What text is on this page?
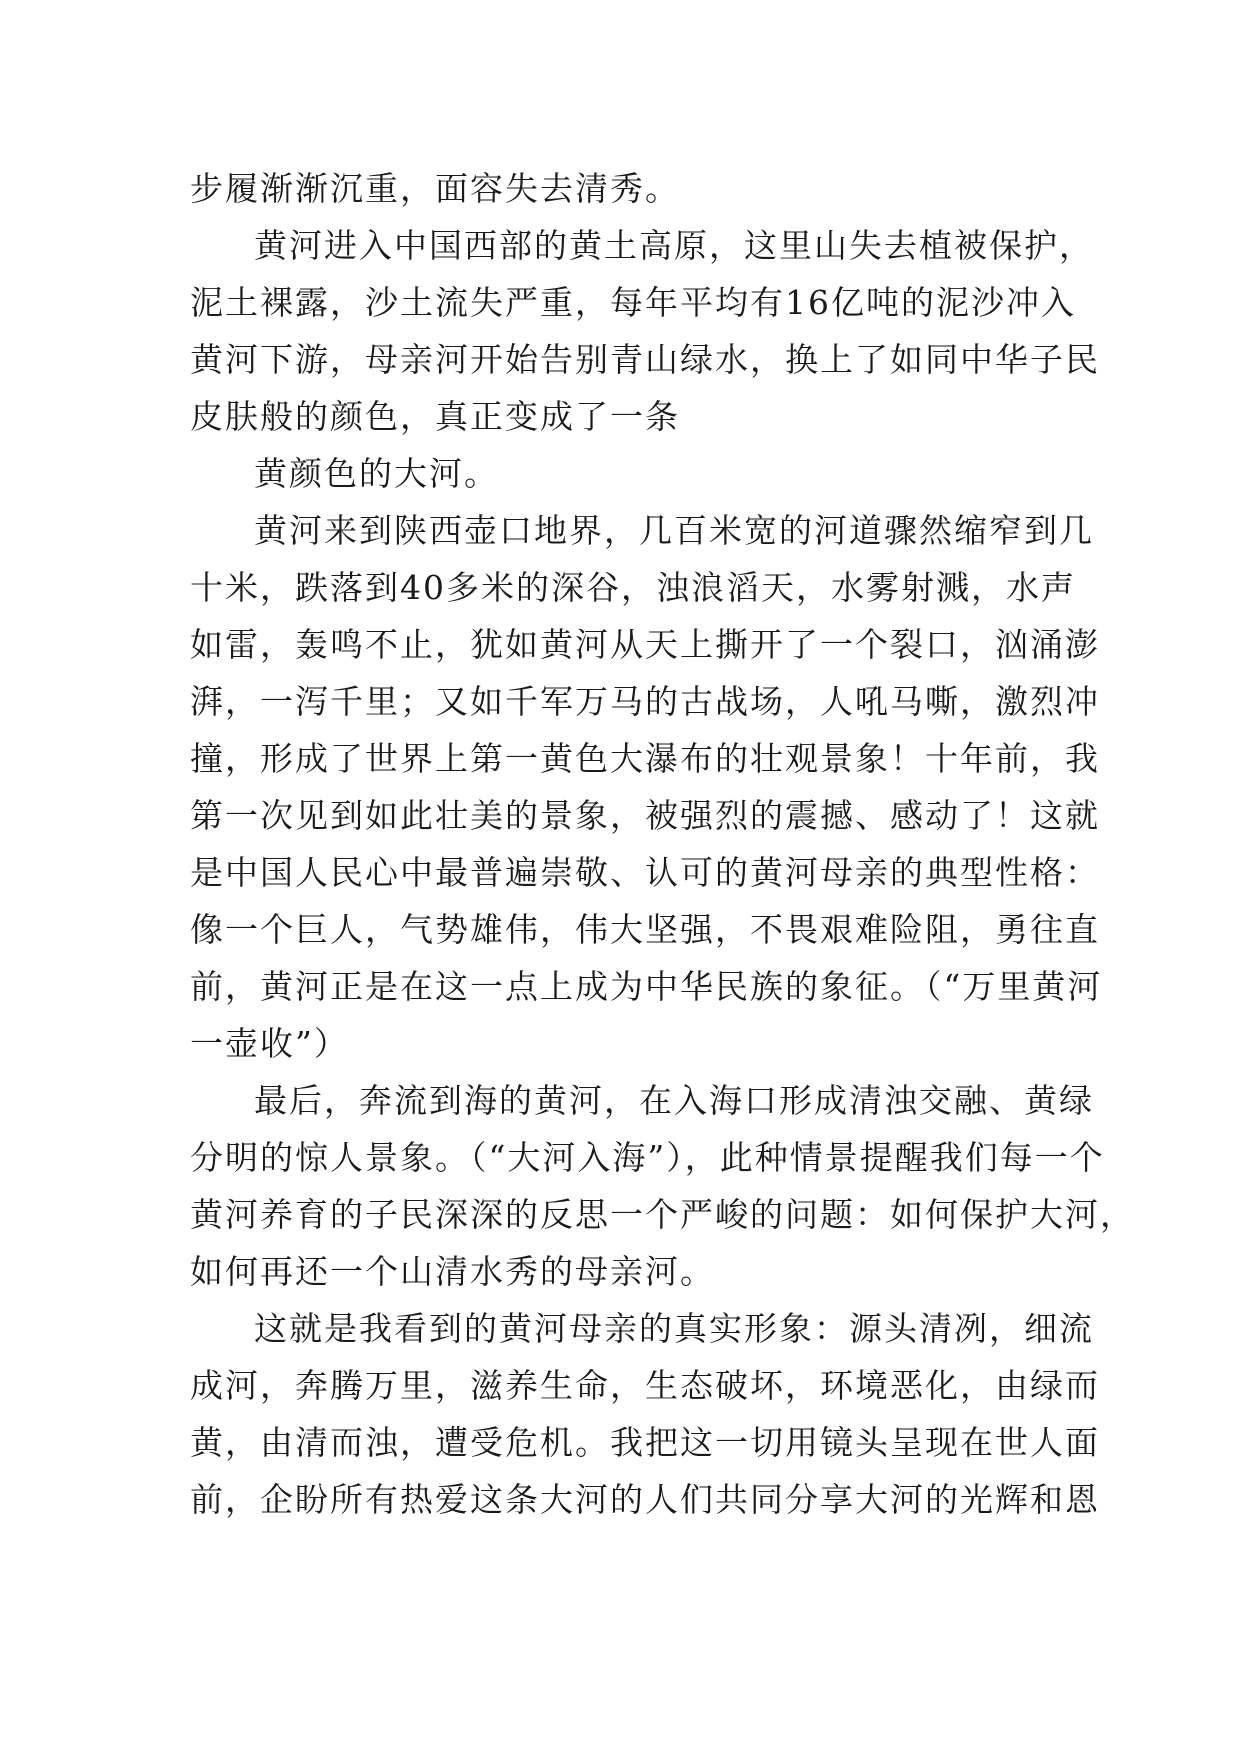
步履渐渐沉重，面容失去清秀。
黄河进入中国西部的黄土高原，这里山失去植被保护，
泥土裸露，沙土流失严重，每年平均有16亿吨的泥沙冲入
黄河下游，母亲河开始告别青山绿水，换上了如同中华子民
皮肤般的颜色，真正变成了一条
黄颜色的大河。
黄河来到陕西壶口地界，几百米宽的河道骤然缩窄到几
十米，跌落到40多米的深谷，浊浪滔天，水雾射溅，水声
如雷，轰鸣不止，犹如黄河从天上撕开了一个裂口，汹涌澎
湃，一泻千里；又如千军万马的古战场，人吼马嘶，激烈冲
撞，形成了世界上第一黄色大瀑布的壮观景象！十年前，我
第一次见到如此壮美的景象，被强烈的震撼、感动了！这就
是中国人民心中最普遍崇敬、认可的黄河母亲的典型性格：
像一个巨人，气势雄伟，伟大坚强，不畏艰难险阻，勇往直
前，黄河正是在这一点上成为中华民族的象征。（“万里黄河
一壶收”）
最后，奔流到海的黄河，在入海口形成清浊交融、黄绿
分明的惊人景象。（“大河入海”），此种情景提醒我们每一个
黄河养育的子民深深的反思一个严峻的问题：如何保护大河，
如何再还一个山清水秀的母亲河。
这就是我看到的黄河母亲的真实形象：源头清冽，细流
成河，奔腾万里，滋养生命，生态破坏，环境恶化，由绿而
黄，由清而浊，遭受危机。我把这一切用镜头呈现在世人面
前，企盼所有热爱这条大河的人们共同分享大河的光辉和恩
